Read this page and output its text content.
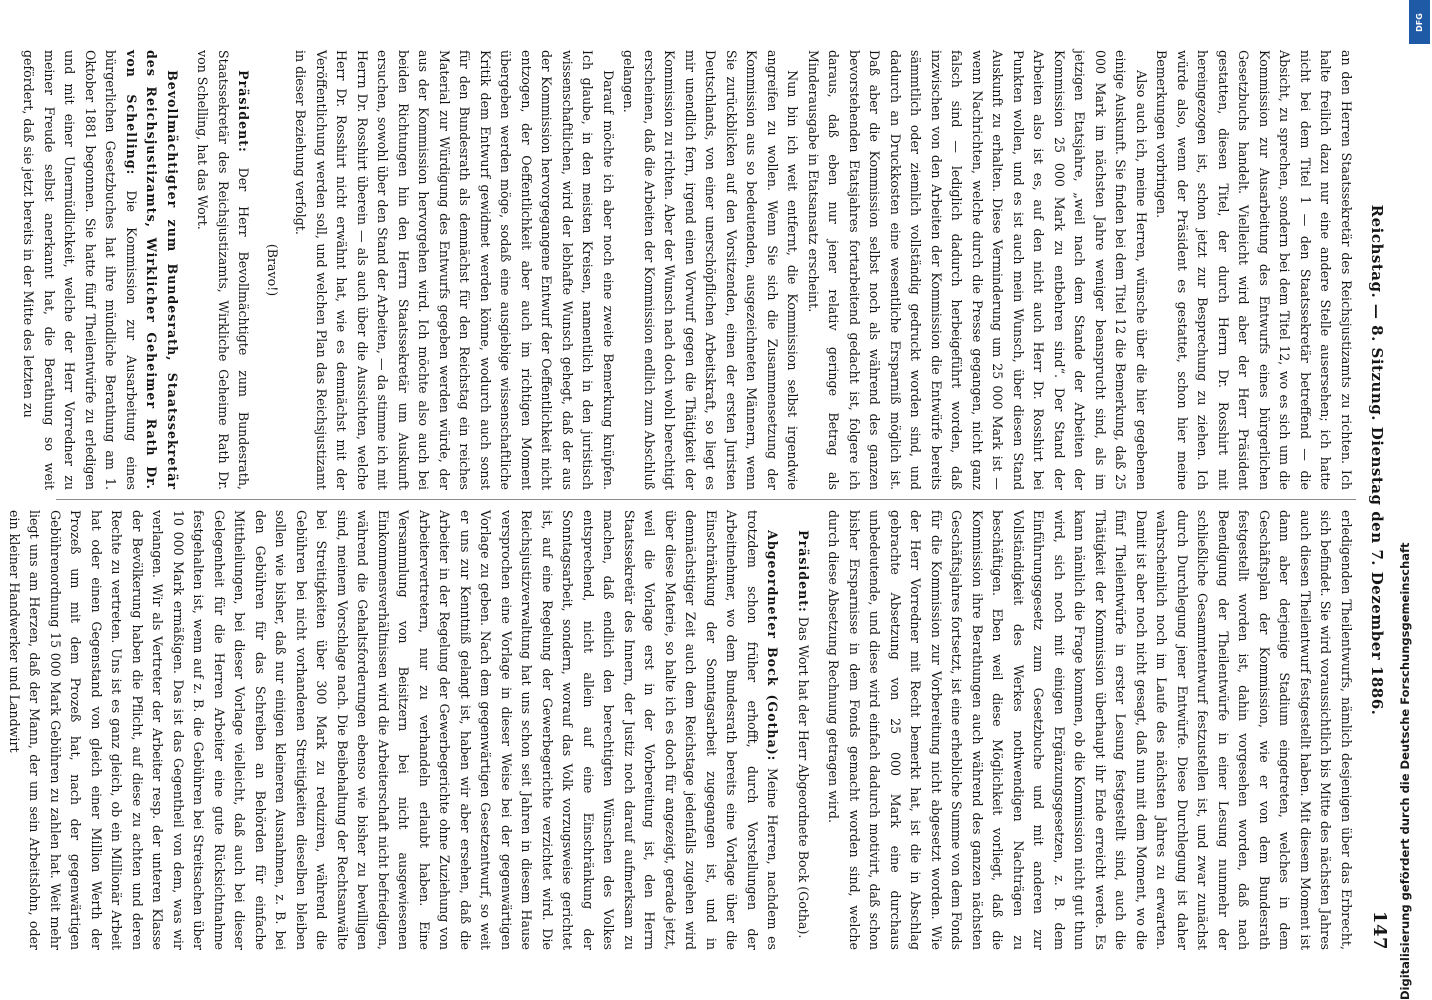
Reichstag. — 8. Sitzung. Dienstag den 7. Dezember 1886.
147

an den Herren Staatssekretär des Reichsjustizamts zu richten. Ich halte freilich dazu nur eine andere Stelle ausersehen; ich hatte nicht bei dem Titel 1 — den Staatssekretär betreffend — die Absicht, zu sprechen, sondern bei dem Titel 12, wo es sich um die Kommission zur Ausarbeitung des Entwurfs eines bürgerlichen Gesetzbuchs handelt. Vielleicht wird aber der Herr Präsident gestatten, diesen Titel, der durch Herrn Dr. Rosshirt mit hereingezogen ist, schon jetzt zur Besprechung zu ziehen. Ich würde also, wenn der Präsident es gestattet, schon hier meine Bemerkungen vorbringen.

Also auch ich, meine Herren, wünsche über die hier gegebenen einige Auskunft. Sie finden bei dem Titel 12 die Bemerkung, daß 25 000 Mark im nächsten Jahre weniger beansprucht sind, als im jetzigen Etatsjahre, „weil nach dem Stande der Arbeiten der Kommission 25 000 Mark zu entbehren sind“. Der Stand der Arbeiten also ist es, auf den nicht auch Herr Dr. Rosshirt bei Punkten wollen, und es ist auch mein Wunsch, über diesen Stand Auskunft zu erhalten. Diese Verminderung um 25 000 Mark ist — wenn Nachrichten, welche durch die Presse gegangen, nicht ganz falsch sind — lediglich dadurch herbeigeführt worden, daß inzwischen von den Arbeiten der Kommission die Entwürfe bereits sämmtlich oder ziemlich vollständig gedruckt worden sind, und dadurch an Druckkosten eine wesentliche Ersparniß möglich ist. Daß aber die Kommission selbst noch als während des ganzen bevorstehenden Etatsjahres fortarbeitend gedacht ist, folgere ich daraus, daß eben nur jener relativ geringe Betrag als Minderausgabe in Etatsansatz erscheint.

Nun bin ich weit entfernt, die Kommission selbst irgendwie angreifen zu wollen. Wenn Sie sich die Zusammensetzung der Kommission aus so bedeutenden, ausgezeichneten Männern, wenn Sie zurückblicken auf den Vorsitzenden, einen der ersten Juristen Deutschlands, von einer unerschöpflichen Arbeitskraft, so liegt es mir unendlich fern, irgend einen Vorwurf gegen die Thätigkeit der Kommission zu richten. Aber der Wunsch nach doch wohl berechtigt erscheinen, daß die Arbeiten der Kommission endlich zum Abschluß gelangen.

Darauf möchte ich aber noch eine zweite Bemerkung knüpfen. Ich glaube, in den meisten Kreisen, namentlich in den juristisch wissenschaftlichen, wird der lebhafte Wunsch gehegt, daß der aus der Kommission hervorgegangene Entwurf der Oeffentlichkeit nicht entzogen, der Oeffentlichkeit aber auch im richtigen Moment übergeben werden möge, sodaß eine ausgiebige wissenschaftliche Kritik dem Entwurf gewidmet werden könne, wodurch auch sonst für den Bundesrath als demnächst für den Reichstag ein reiches Material zur Würdigung des Entwurfs gegeben werden würde, der aus der Kommission hervorgehen wird. Ich möchte also auch bei beiden Richtungen hin den Herrn Staatssekretär um Auskunft ersuchen, sowohl über den Stand der Arbeiten, — da stimme ich mit Herrn Dr. Rosshirt überein — als auch über die Aussichten, welche Herr Dr. Rosshirt nicht erwähnt hat, wie es demnächst mit der Veröffentlichung werden soll, und welchen Plan das Reichsjustizamt in dieser Beziehung verfolgt.

(Bravo!)

Präsident: Der Herr Bevollmächtigte zum Bundesrath, Staatssekretär des Reichsjustizamts, Wirkliche Geheime Rath Dr. von Schelling, hat das Wort.

Bevollmächtigter zum Bundesrath, Staatssekretär des Reichsjustizamts, Wirklicher Geheimer Rath Dr. von Schelling: Die Kommission zur Ausarbeitung eines bürgerlichen Gesetzbuches hat ihre mündliche Berathung am 1. Oktober 1881 begonnen. Sie hatte fünf Theilentwürfe zu erledigen und mit einer Unermüdlichkeit, welche der Herr Vorredner zu meiner Freude selbst anerkannt hat, die Berathung so weit gefördert, daß sie jetzt bereits in der Mitte des letzten zu

erledigenden Theilentwurfs, nämlich desjenigen über das Erbrecht, sich befindet. Sie wird voraussichtlich bis Mitte des nächsten Jahres auch diesen Theilentwurf festgestellt haben. Mit diesem Moment ist dann aber derjenige Stadium eingetreten, welches in dem Geschäftsplan der Kommission, wie er von dem Bundesrath festgestellt worden ist, dahin vorgesehen worden, daß nach Beendigung der Theilentwürfe in einer Lesung nunmehr der schließliche Gesammtentwurf festzustellen ist, und zwar zunächst durch Durchlegung jener Entwürfe. Diese Durchlegung ist daher wahrscheinlich noch im Laufe des nächsten Jahres zu erwarten. Damit ist aber noch nicht gesagt, daß nun mit dem Moment, wo die fünf Theilentwürfe in erster Lesung festgestellt sind, auch die Thätigkeit der Kommission überhaupt ihr Ende erreicht werde. Es kann nämlich die Frage kommen, ob die Kommission nicht gut thun wird, sich noch mit einigen Ergänzungsgesetzen, z. B. dem Einführungsgesetz zum Gesetzbuche und mit anderen zur Vollständigkeit des Werkes nothwendigen Nachträgen zu beschäftigen. Eben weil diese Möglichkeit vorliegt, daß die Kommission ihre Berathungen auch während des ganzen nächsten Geschäftsjahres fortsetzt, ist eine erhebliche Summe von dem Fonds für die Kommission zur Vorbereitung nicht abgesetzt worden. Wie der Herr Vorredner mit Recht bemerkt hat, ist die in Abschlag gebrachte Absetzung von 25 000 Mark eine durchaus unbedeutende, und diese wird einfach dadurch motivirt, daß schon bisher Ersparnisse in dem Fonds gemacht worden sind, welche durch diese Absetzung Rechnung getragen wird.

Präsident: Das Wort hat der Herr Abgeordnete Bock (Gotha).

Abgeordneter Bock (Gotha): Meine Herren, nachdem es trotzdem schon früher erhofft, durch Vorstellungen der Arbeitnehmer, wo dem Bundesrath bereits eine Vorlage über die Einschränkung der Sonntagsarbeit zugegangen ist, und in demnächstiger Zeit auch dem Reichstage jedenfalls zugehen wird über diese Materie, so halte ich es doch für angezeigt, gerade jetzt, weil die Vorlage erst in der Vorbereitung ist, den Herrn Staatssekretär des Innern, der Justiz noch darauf aufmerksam zu machen, daß endlich den berechtigten Wünschen des Volkes entsprechend, nicht allein auf eine Einschränkung der Sonntagsarbeit, sondern, worauf das Volk vorzugsweise gerichtet ist, auf eine Regelung der Gewerbegerichte verzichtet wird. Die Reichsjustizverwaltung hat uns schon seit Jahren in diesem Hause versprochen eine Vorlage in dieser Weise bei der gegenwärtigen Vorlage zu geben. Nach dem gegenwärtigen Gesetzentwurf, so weit er uns zur Kenntniß gelangt ist, haben wir aber ersehen, daß die Arbeiter in der Regelung der Gewerbegerichte ohne Zuziehung von Arbeitervertretern, nur zu verhandeln erlaubt haben. Eine Versammlung von Beisitzern bei nicht ausgewiesenen Einkommensverhältnissen wird die Arbeiterschaft nicht befriedigen, während die Gehaltsforderungen ebenso wie bisher zu bewilligen sind, meinem Vorschlage nach. Die Beibehaltung der Rechtsanwälte bei Streitigkeiten über 300 Mark zu reduziren, während die Gebühren bei nicht vorhandenen Streitigkeiten dieselben bleiben sollen wie bisher, daß nur einigen kleineren Ausnahmen, z. B. bei den Gebühren für das Schreiben an Behörden für einfache Mittheilungen, bei dieser Vorlage vielleicht, daß auch bei dieser Gelegenheit für die Herren Arbeiter eine gute Rücksichtnahme festgehalten ist, wenn auf z. B. die Gebühren bei Streitsachen über 10 000 Mark ermäßigen. Das ist das Gegentheil von dem, was wir verlangen. Wir als Vertreter der Arbeiter resp. der unteren Klasse der Bevölkerung haben die Pflicht, auf diese zu achten und deren Rechte zu vertreten. Uns ist es ganz gleich, ob ein Millionär Arbeit hat oder einen Gegenstand von gleich einer Million Werth der Prozeß um mit dem Prozeß hat, nach der gegenwärtigen Gebührenordnung 15 000 Mark Gebühren zu zahlen hat. Weit mehr liegt uns am Herzen, daß der Mann, der um sein Arbeitslohn, oder ein kleiner Handwerker und Landwirt	Digitalisierung gefördert durch die Deutsche Forschungsgemeinschaft
DFG
